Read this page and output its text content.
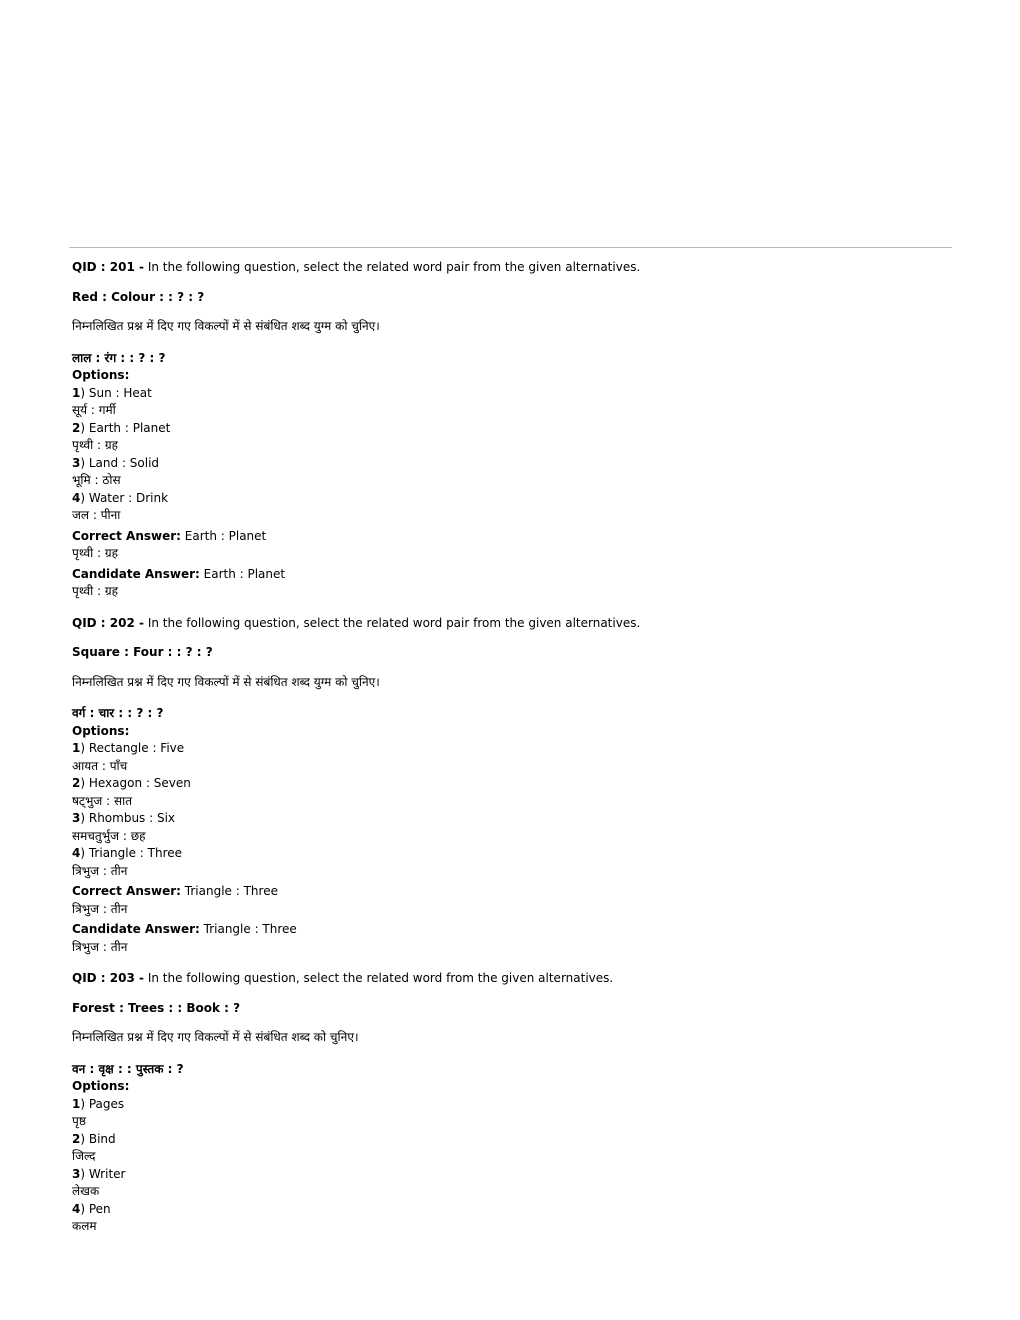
QID : 201 - In the following question, select the related word pair from the given alternatives.

Red : Colour : : ? : ?

निम्नलिखित प्रश्न में दिए गए विकल्पों में से संबंधित शब्द युग्म को चुनिए।

लाल : रंग : : ? : ?

Options:

1) Sun : Heat

सूर्य : गर्मी

2) Earth : Planet

पृथ्वी : ग्रह

3) Land : Solid

भूमि : ठोस

4) Water : Drink

जल : पीना

Correct Answer: Earth : Planet

पृथ्वी : ग्रह

Candidate Answer: Earth : Planet

पृथ्वी : ग्रह

QID : 202 - In the following question, select the related word pair from the given alternatives.

Square : Four : : ? : ?

निम्नलिखित प्रश्न में दिए गए विकल्पों में से संबंधित शब्द युग्म को चुनिए।

वर्ग : चार : : ? : ?

Options:

1) Rectangle : Five

आयत : पाँच

2) Hexagon : Seven

षट्भुज : सात

3) Rhombus : Six

समचतुर्भुज : छह

4) Triangle : Three

त्रिभुज : तीन

Correct Answer: Triangle : Three

त्रिभुज : तीन

Candidate Answer: Triangle : Three

त्रिभुज : तीन

QID : 203 - In the following question, select the related word from the given alternatives.

Forest : Trees : : Book : ?

निम्नलिखित प्रश्न में दिए गए विकल्पों में से संबंधित शब्द को चुनिए।

वन : वृक्ष : : पुस्तक : ?

Options:

1) Pages

पृष्ठ

2) Bind

जिल्द

3) Writer

लेखक

4) Pen

कलम
